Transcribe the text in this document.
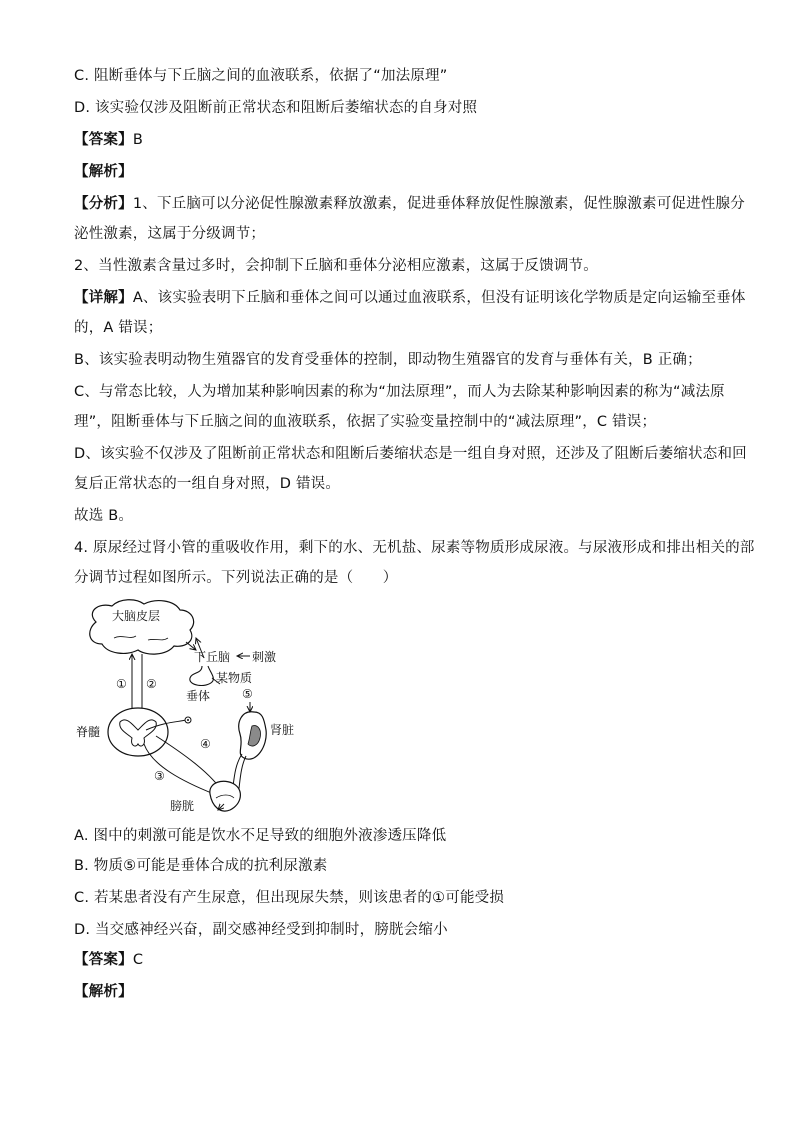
C. 阻断垂体与下丘脑之间的血液联系，依据了“加法原理”
D. 该实验仅涉及阻断前正常状态和阻断后萎缩状态的自身对照
【答案】B
【解析】
【分析】1、下丘脑可以分泌促性腺激素释放激素，促进垂体释放促性腺激素，促性腺激素可促进性腺分
泌性激素，这属于分级调节；
2、当性激素含量过多时，会抑制下丘脑和垂体分泌相应激素，这属于反馈调节。
【详解】A、该实验表明下丘脑和垂体之间可以通过血液联系，但没有证明该化学物质是定向运输至垂体
的，A 错误；
B、该实验表明动物生殖器官的发育受垂体的控制，即动物生殖器官的发育与垂体有关，B 正确；
C、与常态比较，人为增加某种影响因素的称为“加法原理”，而人为去除某种影响因素的称为“减法原
理”，阻断垂体与下丘脑之间的血液联系，依据了实验变量控制中的“减法原理”，C 错误；
D、该实验不仅涉及了阻断前正常状态和阻断后萎缩状态是一组自身对照，还涉及了阻断后萎缩状态和回
复后正常状态的一组自身对照，D 错误。
故选 B。
4. 原尿经过肾小管的重吸收作用，剩下的水、无机盐、尿素等物质形成尿液。与尿液形成和排出相关的部
分调节过程如图所示。下列说法正确的是（　　）
大脑皮层
下丘脑 刺激
垂体
某物质
⑤
① ②
脊髓
④
③
肾脏
膀胱
A. 图中的刺激可能是饮水不足导致的细胞外液渗透压降低
B. 物质⑤可能是垂体合成的抗利尿激素
C. 若某患者没有产生尿意，但出现尿失禁，则该患者的①可能受损
D. 当交感神经兴奋，副交感神经受到抑制时，膀胱会缩小
【答案】C
【解析】
